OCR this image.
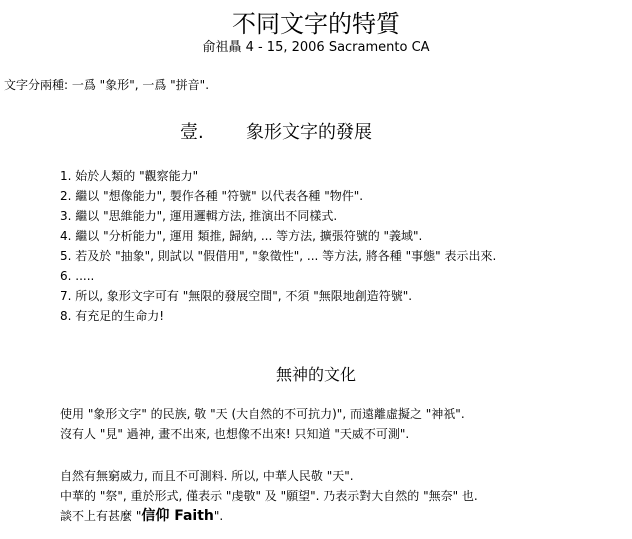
不同文字的特質
俞祖贔 4 - 15, 2006 Sacramento CA
文字分兩種: 一爲 "象形", 一爲 "拼音".
壹. 象形文字的發展
1. 始於人類的 "觀察能力"
2. 繼以 "想像能力", 製作各種 "符號" 以代表各種 "物件".
3. 繼以 "思維能力", 運用邏輯方法, 推演出不同樣式.
4. 繼以 "分析能力", 運用 類推, 歸納, ... 等方法, 擴張符號的 "義域".
5. 若及於 "抽象", 則試以 "假借用", "象徵性", ... 等方法, 將各種 "事態" 表示出來.
6. .....
7. 所以, 象形文字可有 "無限的發展空間", 不須 "無限地創造符號".
8. 有充足的生命力!
無神的文化
使用 "象形文字" 的民族, 敬 "天 (大自然的不可抗力)", 而遠離虛擬之 "神祇".
沒有人 "見" 過神, 畫不出來, 也想像不出來! 只知道 "天威不可測".
自然有無窮威力, 而且不可測料. 所以, 中華人民敬 "天".
中華的 "祭", 重於形式, 僅表示 "虔敬" 及 "願望". 乃表示對大自然的 "無奈" 也.
談不上有甚麼 "信仰 Faith".
